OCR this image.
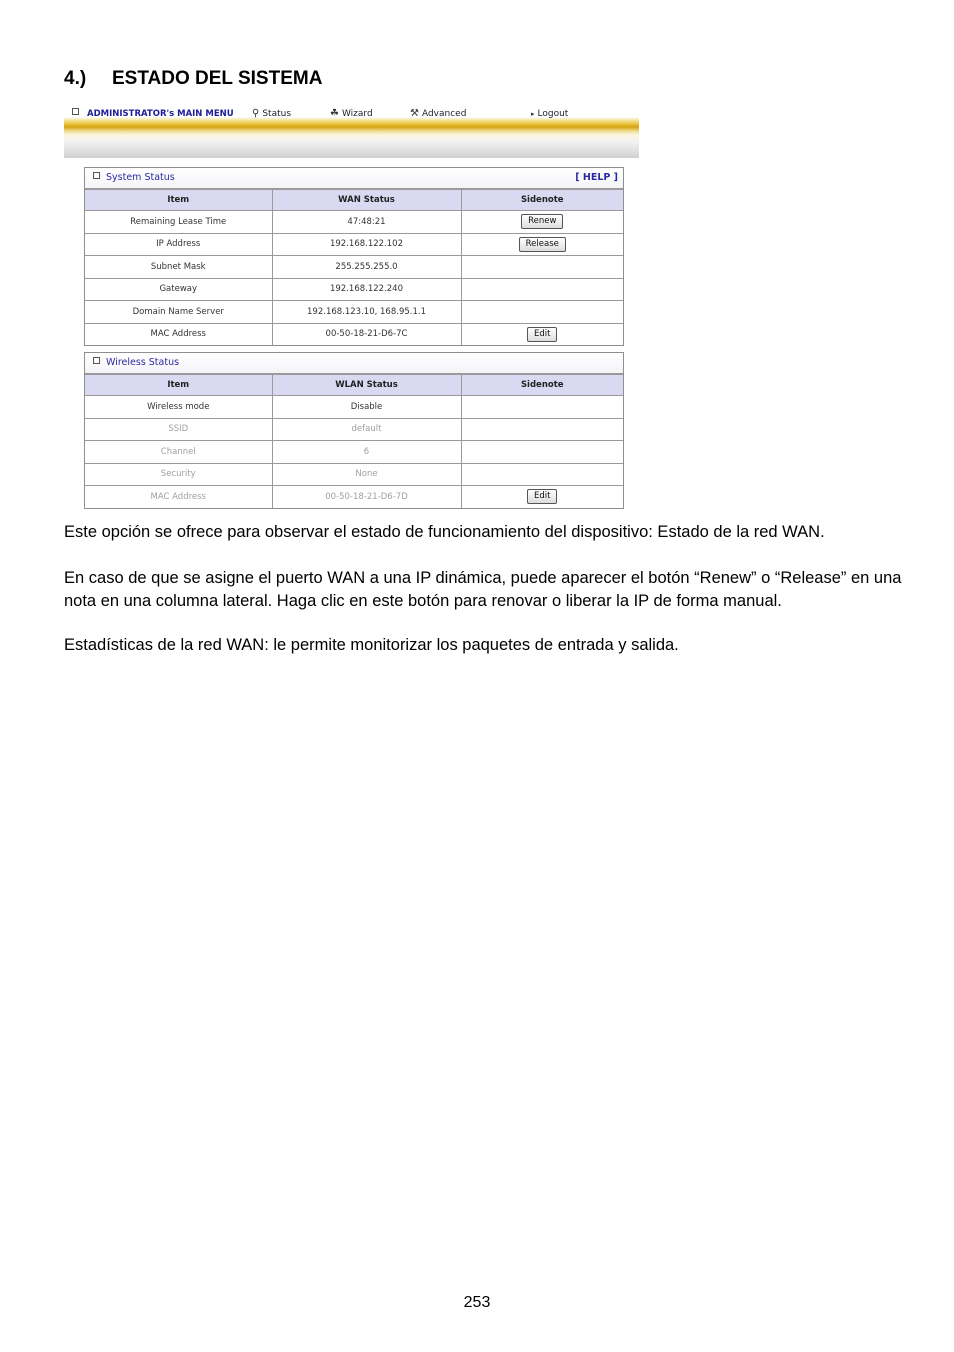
4.) ESTADO DEL SISTEMA
ADMINISTRATOR's MAIN MENU ⚲ Status	☘ Wizard	⚒ Advanced	▸ Logout
System Status	[ HELP ]
Item	WAN Status	Sidenote
Remaining Lease Time	47:48:21	Renew
IP Address	192.168.122.102	Release
Subnet Mask	255.255.255.0	
Gateway	192.168.122.240	
Domain Name Server	192.168.123.10, 168.95.1.1	
MAC Address	00-50-18-21-D6-7C	Edit
Wireless Status
Item	WLAN Status	Sidenote
Wireless mode	Disable	
SSID	default	
Channel	6	
Security	None	
MAC Address	00-50-18-21-D6-7D	Edit
Este opción se ofrece para observar el estado de funcionamiento del dispositivo: Estado de la red WAN.
En caso de que se asigne el puerto WAN a una IP dinámica, puede aparecer el botón “Renew” o “Release” en una nota en una columna lateral. Haga clic en este botón para renovar o liberar la IP de forma manual.
Estadísticas de la red WAN: le permite monitorizar los paquetes de entrada y salida.
253
